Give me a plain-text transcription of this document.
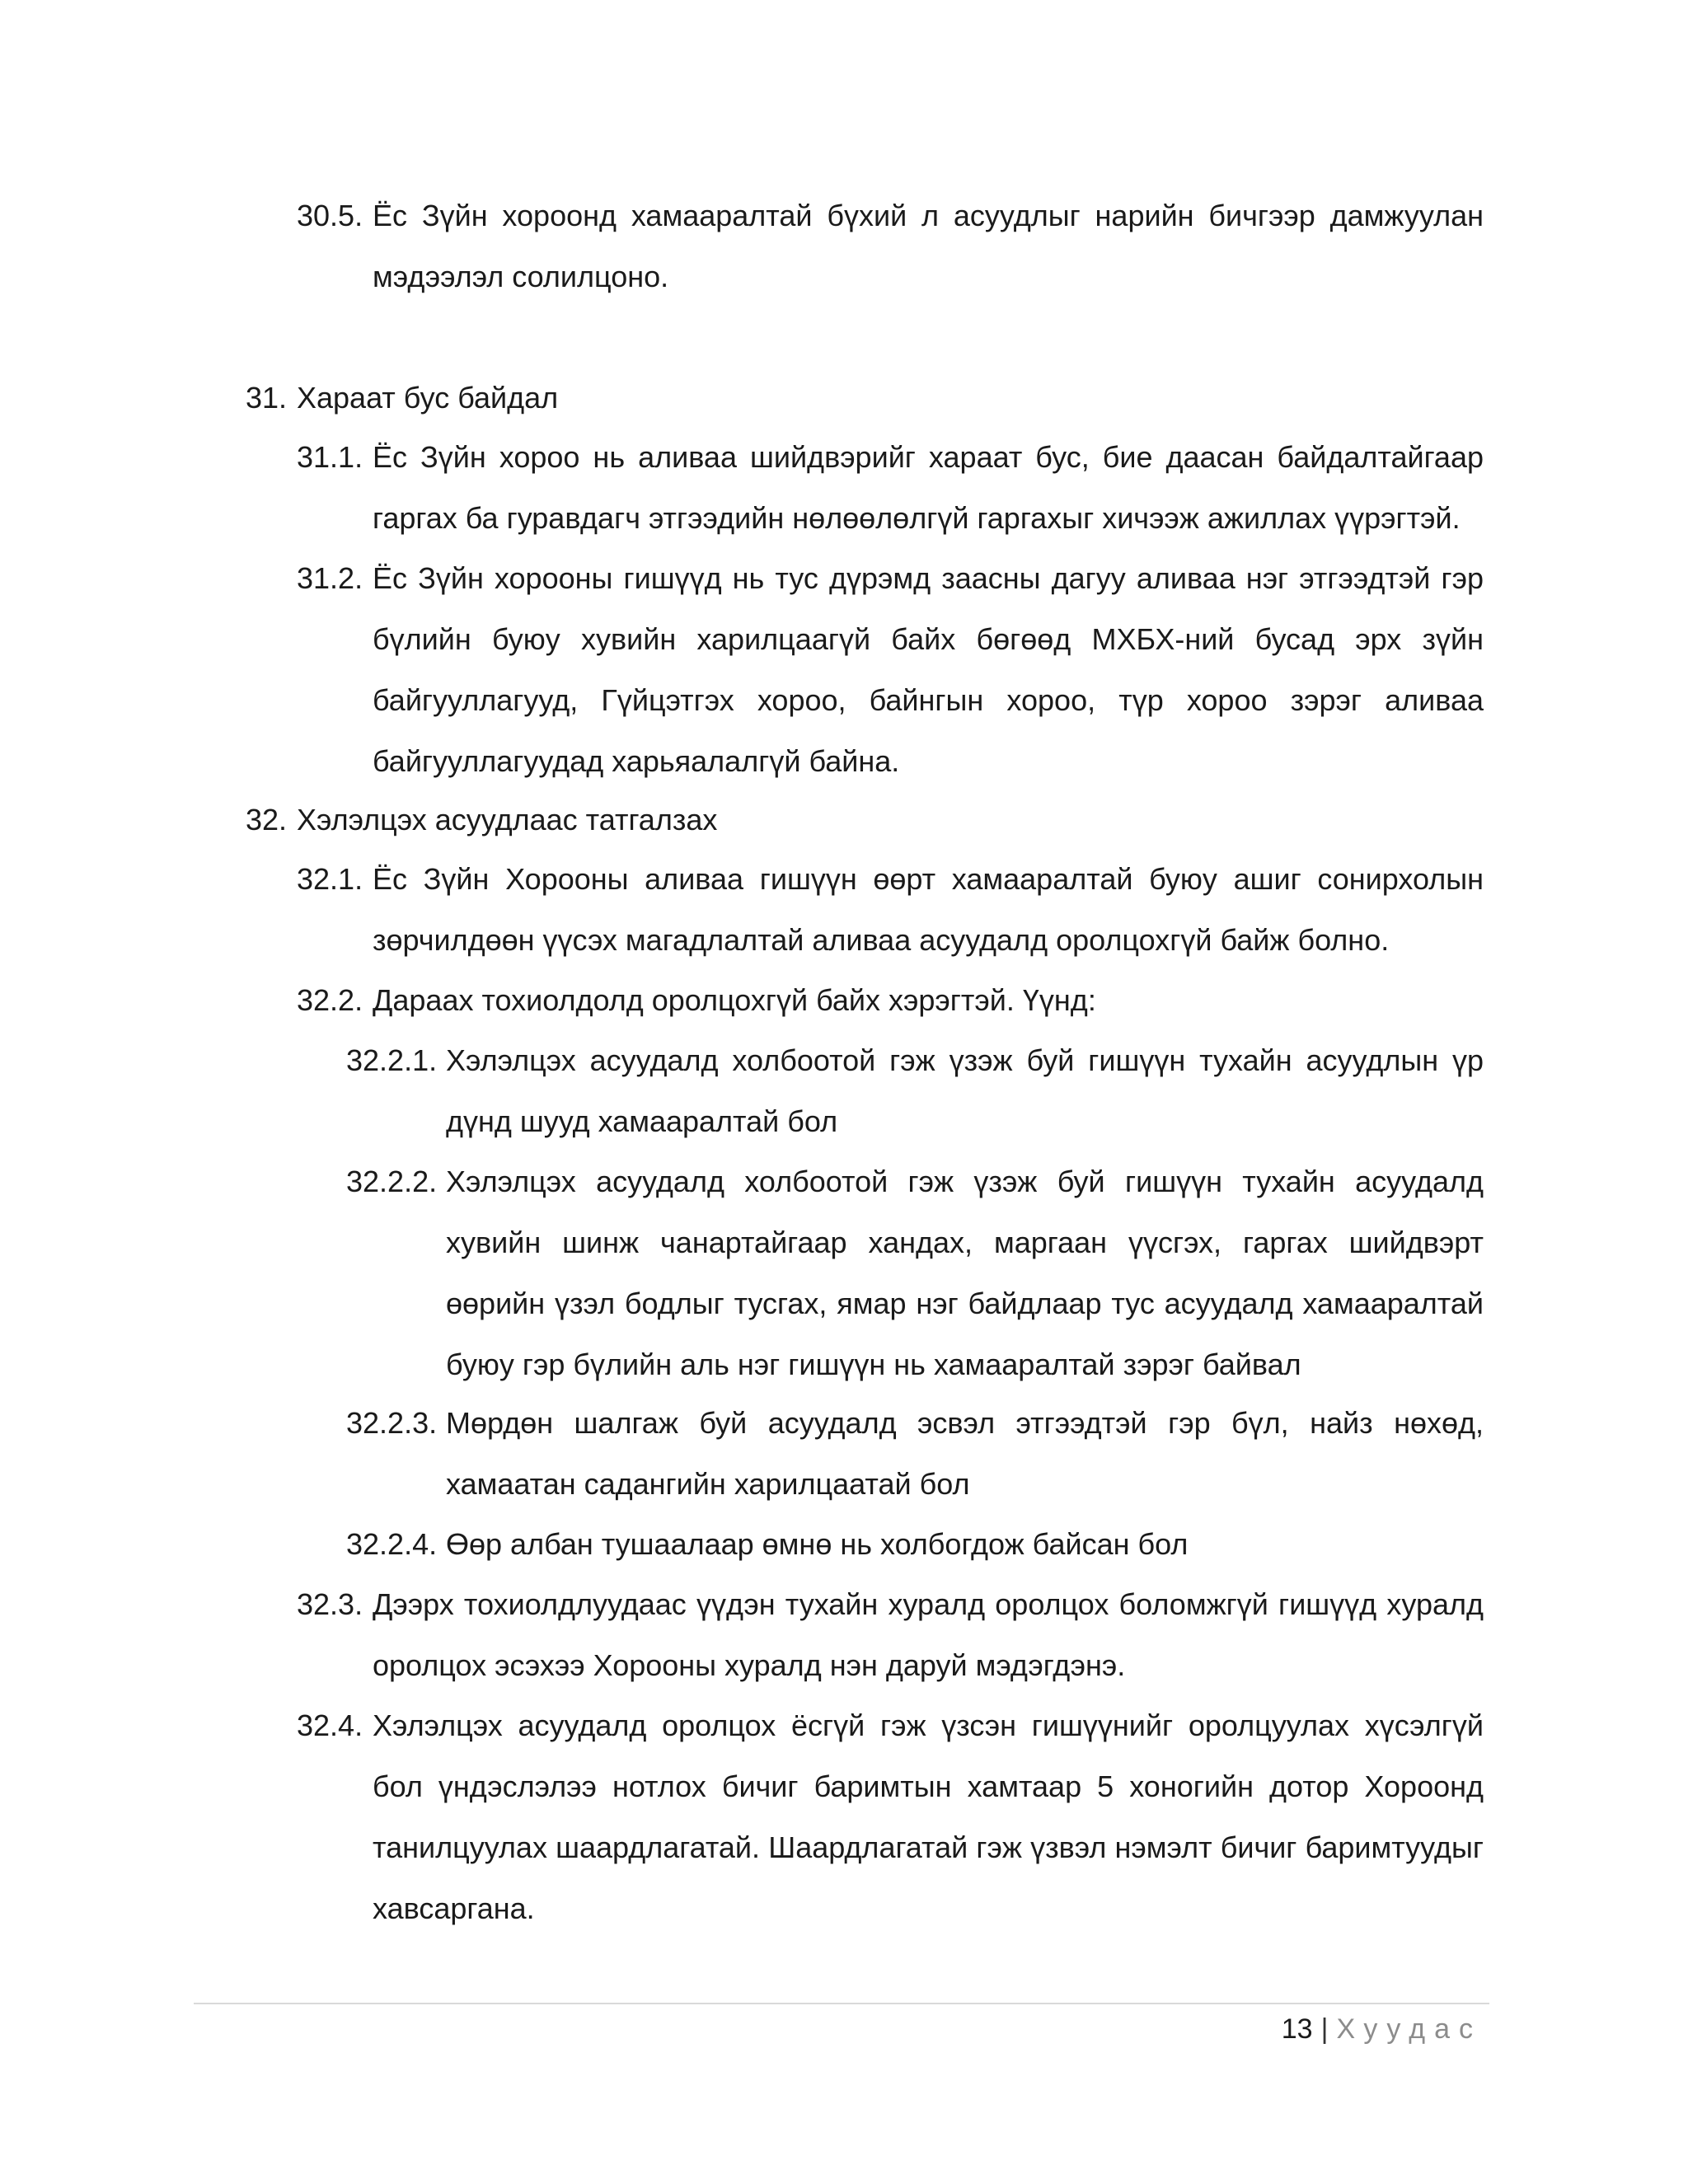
30.5. Ёс Зүйн хороонд хамааралтай бүхий л асуудлыг нарийн бичгээр дамжуулан мэдээлэл солилцоно.
31. Хараат бус байдал
31.1. Ёс Зүйн хороо нь аливаа шийдвэрийг хараат бус, бие даасан байдалтайгаар гаргах ба гуравдагч этгээдийн нөлөөлөлгүй гаргахыг хичээж ажиллах үүрэгтэй.
31.2. Ёс Зүйн хорооны гишүүд нь тус дүрэмд заасны дагуу аливаа нэг этгээдтэй гэр бүлийн буюу хувийн харилцаагүй байх бөгөөд МХБХ-ний бусад эрх зүйн байгууллагууд, Гүйцэтгэх хороо, байнгын хороо, түр хороо зэрэг аливаа байгууллагуудад харьяалалгүй байна.
32. Хэлэлцэх асуудлаас татгалзах
32.1. Ёс Зүйн Хорооны аливаа гишүүн өөрт хамааралтай буюу ашиг сонирхолын зөрчилдөөн үүсэх магадлалтай аливаа асуудалд оролцохгүй байж болно.
32.2. Дараах тохиолдолд оролцохгүй байх хэрэгтэй. Үүнд:
32.2.1. Хэлэлцэх асуудалд холбоотой гэж үзэж буй гишүүн тухайн асуудлын үр дүнд шууд хамааралтай бол
32.2.2. Хэлэлцэх асуудалд холбоотой гэж үзэж буй гишүүн тухайн асуудалд хувийн шинж чанартайгаар хандах, маргаан үүсгэх, гаргах шийдвэрт өөрийн үзэл бодлыг тусгах, ямар нэг байдлаар тус асуудалд хамааралтай буюу гэр бүлийн аль нэг гишүүн нь хамааралтай зэрэг байвал
32.2.3. Мөрдөн шалгаж буй асуудалд эсвэл этгээдтэй гэр бүл, найз нөхөд, хамаатан садангийн харилцаатай бол
32.2.4. Өөр албан тушаалаар өмнө нь холбогдож байсан бол
32.3. Дээрх тохиолдлуудаас үүдэн тухайн хуралд оролцох боломжгүй гишүүд хуралд оролцох эсэхээ Хорооны хуралд нэн даруй мэдэгдэнэ.
32.4. Хэлэлцэх асуудалд оролцох ёсгүй гэж үзсэн гишүүнийг оролцуулах хүсэлгүй бол үндэслэлээ нотлох бичиг баримтын хамтаар 5 хоногийн дотор Хороонд танилцуулах шаардлагатай. Шаардлагатай гэж үзвэл нэмэлт бичиг баримтуудыг хавсаргана.
13 | Хуудас
